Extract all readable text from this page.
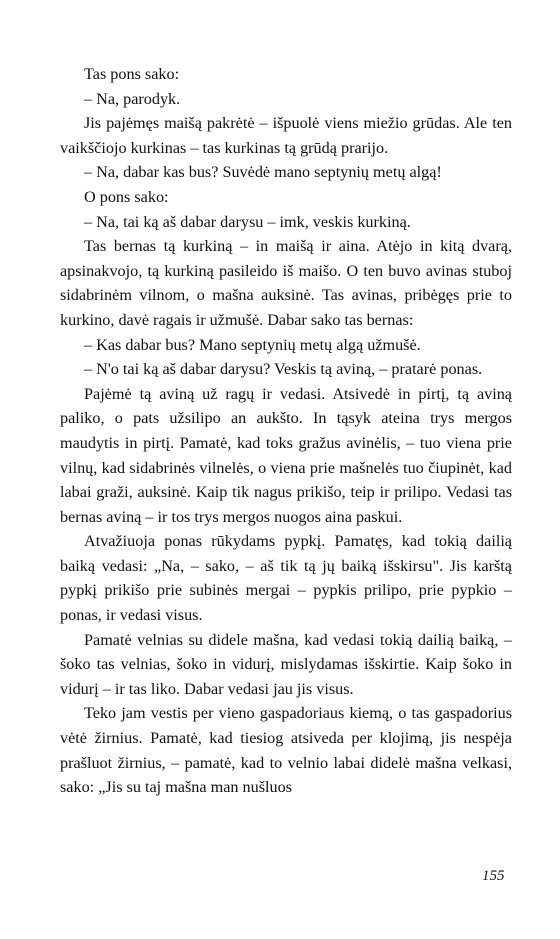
Tas pons sako:

– Na, parodyk.

Jis pajėmęs maišą pakrėtė – išpuolė viens miežio grūdas. Ale ten vaikščiojo kurkinas – tas kurkinas tą grūdą prarijo.

– Na, dabar kas bus? Suvėdė mano septynių metų algą!

O pons sako:

– Na, tai ką aš dabar darysu – imk, veskis kurkiną.

Tas bernas tą kurkiną – in maišą ir aina. Atėjo in kitą dvarą, apsinakvojo, tą kurkiną pasileido iš maišo. O ten buvo avinas stuboj sidabrinėm vilnom, o mašna auksinė. Tas avinas, pribėgęs prie to kurkino, davė ragais ir užmušė. Dabar sako tas bernas:

– Kas dabar bus? Mano septynių metų algą užmušė.

– N'o tai ką aš dabar darysu? Veskis tą aviną, – pratarė ponas.

Pajėmė tą aviną už ragų ir vedasi. Atsivedė in pirtį, tą aviną paliko, o pats užsilipo an aukšto. In tąsyk ateina trys mergos maudytis in pirtį. Pamatė, kad toks gražus avinėlis, – tuo viena prie vilnų, kad sidabrinės vilnelės, o viena prie mašnelės tuo čiupinėt, kad labai graži, auksinė. Kaip tik nagus prikišo, teip ir prilipo. Vedasi tas bernas aviną – ir tos trys mergos nuogos aina paskui.

Atvažiuoja ponas rūkydams pypkį. Pamatęs, kad tokią dailią baiką vedasi: „Na, – sako, – aš tik tą jų baiką išskirsu". Jis karštą pypkį prikišo prie subinės mergai – pypkis prilipo, prie pypkio – ponas, ir vedasi visus.

Pamatė velnias su didele mašna, kad vedasi tokią dailią baiką, – šoko tas velnias, šoko in vidurį, mislydamas išskirtie. Kaip šoko in vidurį – ir tas liko. Dabar vedasi jau jis visus.

Teko jam vestis per vieno gaspadoriaus kiemą, o tas gaspadorius vėtė žirnius. Pamatė, kad tiesiog atsiveda per klojimą, jis nespėja prašluot žirnius, – pamatė, kad to velnio labai didelė mašna velkasi, sako: „Jis su taj mašna man nušluos

155
